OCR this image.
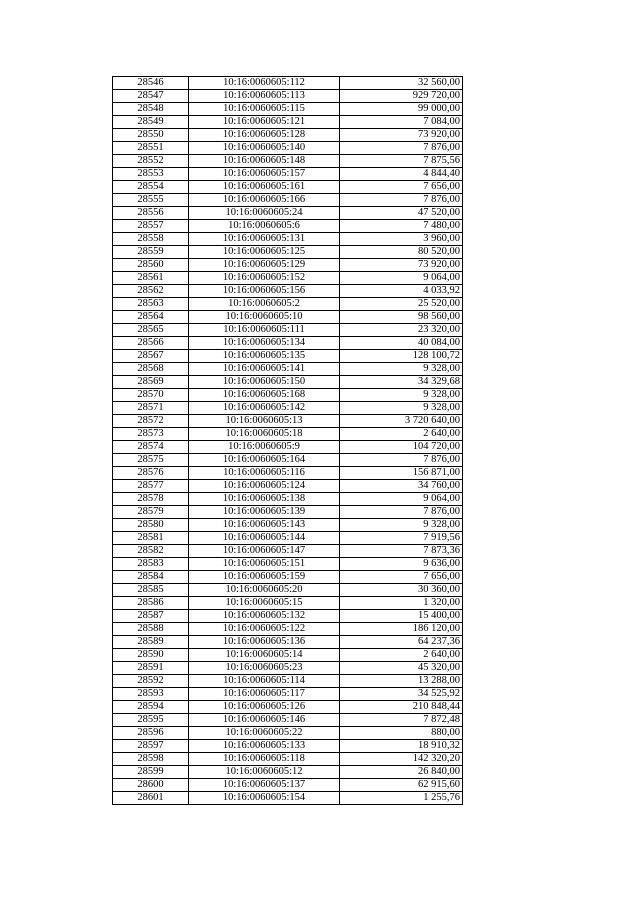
28546	10:16:0060605:112	32 560,00
28547	10:16:0060605:113	929 720,00
28548	10:16:0060605:115	99 000,00
28549	10:16:0060605:121	7 084,00
28550	10:16:0060605:128	73 920,00
28551	10:16:0060605:140	7 876,00
28552	10:16:0060605:148	7 875,56
28553	10:16:0060605:157	4 844,40
28554	10:16:0060605:161	7 656,00
28555	10:16:0060605:166	7 876,00
28556	10:16:0060605:24	47 520,00
28557	10:16:0060605:6	7 480,00
28558	10:16:0060605:131	3 960,00
28559	10:16:0060605:125	80 520,00
28560	10:16:0060605:129	73 920,00
28561	10:16:0060605:152	9 064,00
28562	10:16:0060605:156	4 033,92
28563	10:16:0060605:2	25 520,00
28564	10:16:0060605:10	98 560,00
28565	10:16:0060605:111	23 320,00
28566	10:16:0060605:134	40 084,00
28567	10:16:0060605:135	128 100,72
28568	10:16:0060605:141	9 328,00
28569	10:16:0060605:150	34 329,68
28570	10:16:0060605:168	9 328,00
28571	10:16:0060605:142	9 328,00
28572	10:16:0060605:13	3 720 640,00
28573	10:16:0060605:18	2 640,00
28574	10:16:0060605:9	104 720,00
28575	10:16:0060605:164	7 876,00
28576	10:16:0060605:116	156 871,00
28577	10:16:0060605:124	34 760,00
28578	10:16:0060605:138	9 064,00
28579	10:16:0060605:139	7 876,00
28580	10:16:0060605:143	9 328,00
28581	10:16:0060605:144	7 919,56
28582	10:16:0060605:147	7 873,36
28583	10:16:0060605:151	9 636,00
28584	10:16:0060605:159	7 656,00
28585	10:16:0060605:20	30 360,00
28586	10:16:0060605:15	1 320,00
28587	10:16:0060605:132	15 400,00
28588	10:16:0060605:122	186 120,00
28589	10:16:0060605:136	64 237,36
28590	10:16:0060605:14	2 640,00
28591	10:16:0060605:23	45 320,00
28592	10:16:0060605:114	13 288,00
28593	10:16:0060605:117	34 525,92
28594	10:16:0060605:126	210 848,44
28595	10:16:0060605:146	7 872,48
28596	10:16:0060605:22	880,00
28597	10:16:0060605:133	18 910,32
28598	10:16:0060605:118	142 320,20
28599	10:16:0060605:12	26 840,00
28600	10:16:0060605:137	62 915,60
28601	10:16:0060605:154	1 255,76
